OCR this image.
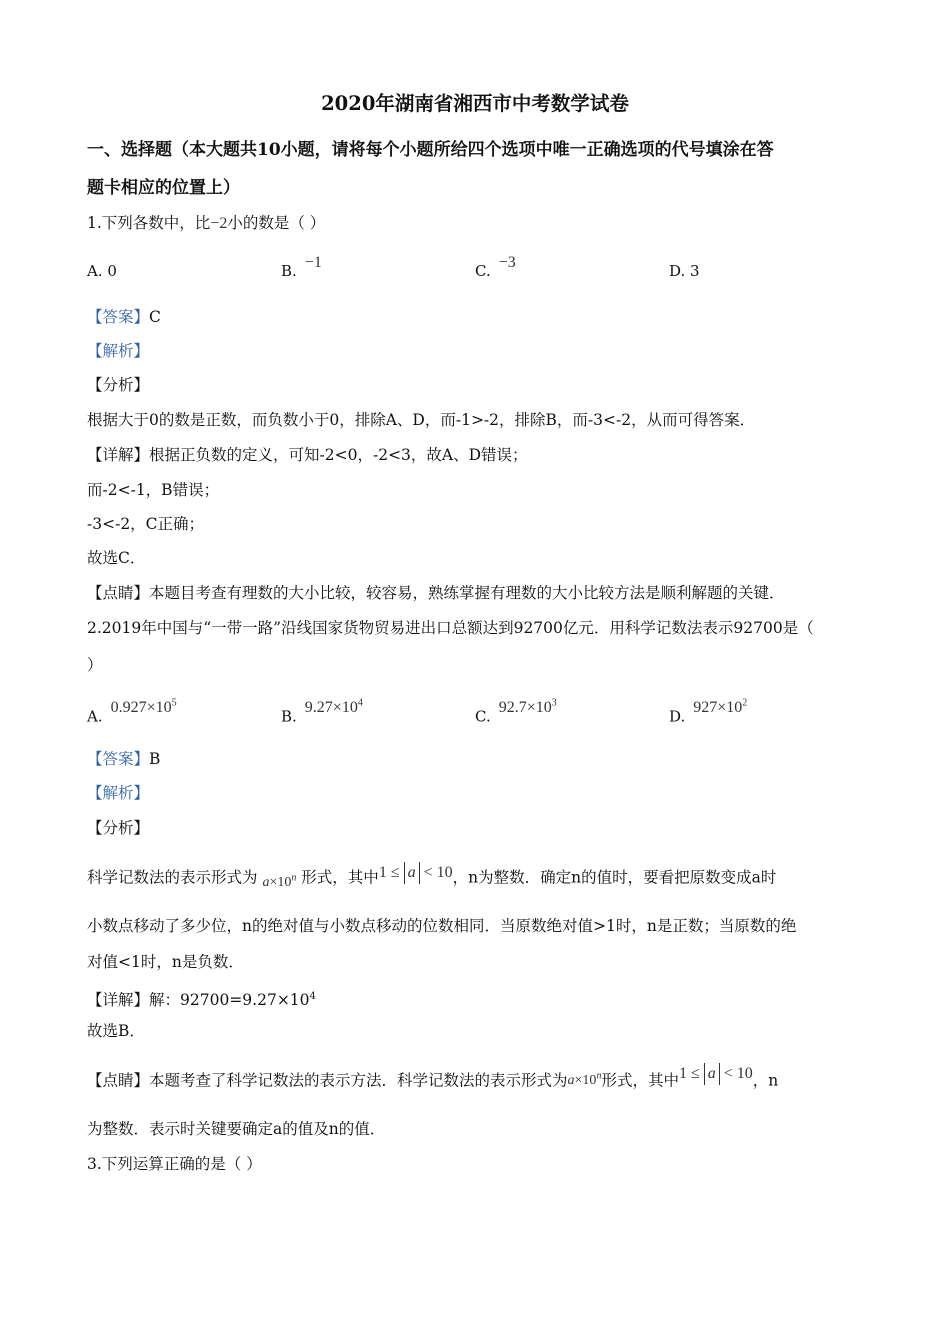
2020年湖南省湘西市中考数学试卷
一、选择题（本大题共10小题，请将每个小题所给四个选项中唯一正确选项的代号填涂在答
题卡相应的位置上）
1.下列各数中，比−2小的数是（ ）
A. 0	B. −1	C. −3	D. 3
【答案】C
【解析】
【分析】
根据大于0的数是正数，而负数小于0，排除A、D，而-1>-2，排除B，而-3<-2，从而可得答案．
【详解】根据正负数的定义，可知-2<0，-2<3，故A、D错误；
而-2<-1，B错误；
-3<-2，C正确；
故选C．
【点睛】本题目考查有理数的大小比较，较容易，熟练掌握有理数的大小比较方法是顺利解题的关键．
2.2019年中国与“一带一路”沿线国家货物贸易进出口总额达到92700亿元．用科学记数法表示92700是（
）
A. $0.927\times 10^5$
B. $9.27\times 10^4$
C. $92.7\times 10^3$
D. $927\times 10^2$
【答案】B
【解析】
【分析】
科学记数法的表示形式为 $a\times 10^n$ 形式，其中1 ≤ a < 10，n为整数．确定n的值时，要看把原数变成a时
小数点移动了多少位，n的绝对值与小数点移动的位数相同．当原数绝对值>1时，n是正数；当原数的绝
对值<1时，n是负数．
【详解】解：$92700=9.27\times 10^4$
故选B．
【点睛】本题考查了科学记数法的表示方法．科学记数法的表示形式为$a\times 10^n$形式，其中1 ≤ a < 10，n
为整数．表示时关键要确定a的值及n的值．
3.下列运算正确的是（ ）
